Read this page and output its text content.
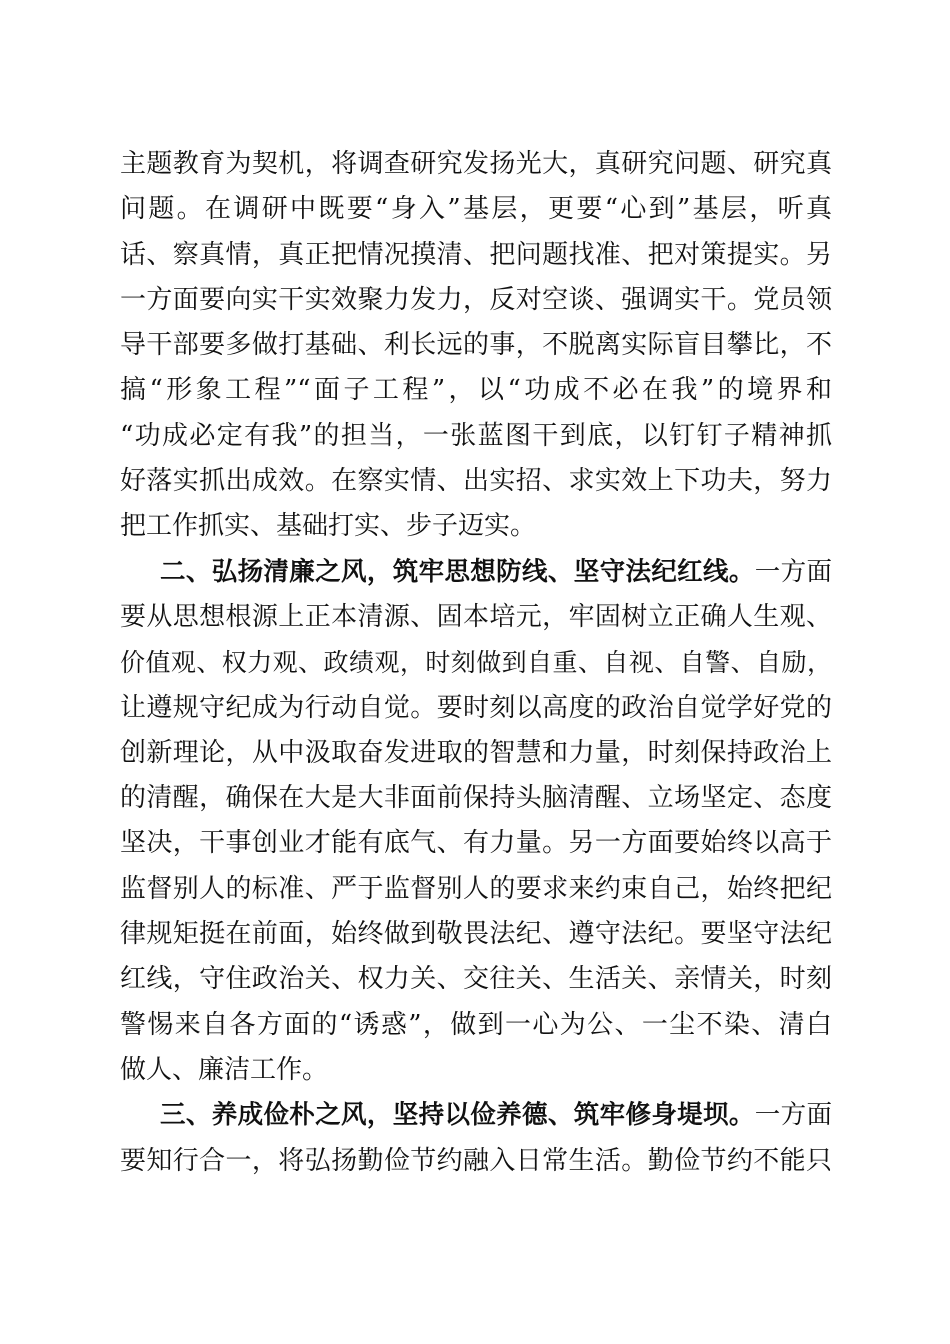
主题教育为契机，将调查研究发扬光大，真研究问题、研究真
问题。在调研中既要“身入”基层，更要“心到”基层，听真
话、察真情，真正把情况摸清、把问题找准、把对策提实。另
一方面要向实干实效聚力发力，反对空谈、强调实干。党员领
导干部要多做打基础、利长远的事，不脱离实际盲目攀比，不
搞“形象工程”“面子工程”，以“功成不必在我”的境界和
“功成必定有我”的担当，一张蓝图干到底，以钉钉子精神抓
好落实抓出成效。在察实情、出实招、求实效上下功夫，努力
把工作抓实、基础打实、步子迈实。
二、弘扬清廉之风，筑牢思想防线、坚守法纪红线。一方面
要从思想根源上正本清源、固本培元，牢固树立正确人生观、
价值观、权力观、政绩观，时刻做到自重、自视、自警、自励，
让遵规守纪成为行动自觉。要时刻以高度的政治自觉学好党的
创新理论，从中汲取奋发进取的智慧和力量，时刻保持政治上
的清醒，确保在大是大非面前保持头脑清醒、立场坚定、态度
坚决，干事创业才能有底气、有力量。另一方面要始终以高于
监督别人的标准、严于监督别人的要求来约束自己，始终把纪
律规矩挺在前面，始终做到敬畏法纪、遵守法纪。要坚守法纪
红线，守住政治关、权力关、交往关、生活关、亲情关，时刻
警惕来自各方面的“诱惑”，做到一心为公、一尘不染、清白
做人、廉洁工作。
三、养成俭朴之风，坚持以俭养德、筑牢修身堤坝。一方面
要知行合一，将弘扬勤俭节约融入日常生活。勤俭节约不能只
